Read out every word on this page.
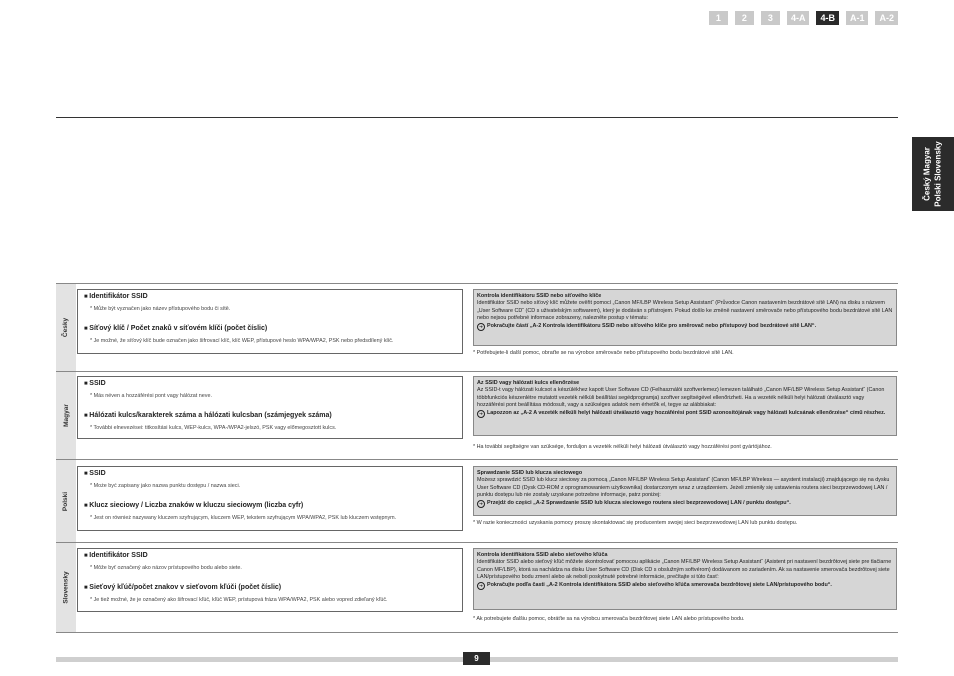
1	2	3	4-A	4-B	A-1	A-2
Český Magyar Polski Slovensky
Česky

■ Identifikátor SSID

* Může být vyznačen jako název přístupového bodu či sítě.

■ Síťový klíč / Počet znaků v síťovém klíči (počet číslic)

* Je možné, že síťový klíč bude označen jako šifrovací klíč, klíč WEP, přístupové heslo WPA/WPA2, PSK nebo předsdílený klíč.

Kontrola identifikátoru SSID nebo síťového klíče

Identifikátor SSID nebo síťový klíč můžete ověřit pomocí „Canon MF/LBP Wireless Setup Assistant“ (Průvodce Canon nastavením bezdrátové sítě LAN) na disku s názvem „User Software CD“ (CD s uživatelským softwarem), který je dodáván s přístrojem. Pokud došlo ke změně nastavení směrovače nebo přístupového bodu bezdrátové sítě LAN nebo nejsou potřebné informace zobrazeny, nalezněte postup v tématu:

➔ Pokračujte částí „A-2 Kontrola identifikátoru SSID nebo síťového klíče pro směrovač nebo přístupový bod bezdrátové sítě LAN“.

* Potřebujete-li další pomoc, obraťte se na výrobce směrovače nebo přístupového bodu bezdrátové sítě LAN.
Magyar

■ SSID

* Más néven a hozzáférési pont vagy hálózat neve.

■ Hálózati kulcs/karakterek száma a hálózati kulcsban (számjegyek száma)

* További elnevezései: titkosítási kulcs, WEP-kulcs, WPA-/WPA2-jelszó, PSK vagy előmegosztott kulcs.

Az SSID vagy hálózati kulcs ellenőrzése

Az SSID-t vagy hálózati kulcsot a készülékhez kapott User Software CD (Felhasználói szoftverlemez) lemezen található „Canon MF/LBP Wireless Setup Assistant“ (Canon többfunkciós készenlétre mutatott vezeték nélküli beállítási segédprogramja) szoftver segítségével ellenőrizheti. Ha a vezeték nélküli helyi hálózati útválasztó vagy hozzáférési pont beállítása módosult, vagy a szükséges adatok nem érhetők el, tegye az alábbiakat:

➔ Lapozzon az „A-2 A vezeték nélküli helyi hálózati útválasztó vagy hozzáférési pont SSID azonosítójának vagy hálózati kulcsának ellenőrzése“ című részhez.

* Ha további segítségre van szüksége, forduljon a vezeték nélküli helyi hálózati útválasztó vagy hozzáférési pont gyártójához.
Polski

■ SSID

* Może być zapisany jako nazwa punktu dostępu / nazwa sieci.

■ Klucz sieciowy / Liczba znaków w kluczu sieciowym (liczba cyfr)

* Jest on również nazywany kluczem szyfrującym, kluczem WEP, tekstem szyfrującym WPA/WPA2, PSK lub kluczem wstępnym.

Sprawdzanie SSID lub klucza sieciowego

Możesz sprawdzić SSID lub klucz sieciowy za pomocą „Canon MF/LBP Wireless Setup Assistant“ (Canon MF/LBP Wireless — asystent instalacji) znajdującego się na dysku User Software CD (Dysk CD-ROM z oprogramowaniem użytkownika) dostarczonym wraz z urządzeniem. Jeżeli zmieniły się ustawienia routera sieci bezprzewodowej LAN / punktu dostępu lub nie zostały uzyskane potrzebne informacje, patrz poniżej:

➔ Przejdź do części „A-2 Sprawdzanie SSID lub klucza sieciowego routera sieci bezprzewodowej LAN / punktu dostępu“.

* W razie konieczności uzyskania pomocy proszę skontaktować się producentem swojej sieci bezprzewodowej LAN lub punktu dostępu.
Slovensky

■ Identifikátor SSID

* Môže byť označený ako názov prístupového bodu alebo siete.

■ Sieťový kľúč/počet znakov v sieťovom kľúči (počet číslic)

* Je tiež možné, že je označený ako šifrovací kľúč, kľúč WEP, prístupová fráza WPA/WPA2, PSK alebo vopred zdieľaný kľúč.

Kontrola identifikátora SSID alebo sieťového kľúča

Identifikátor SSID alebo sieťový kľúč môžete skontrolovať pomocou aplikácie „Canon MF/LBP Wireless Setup Assistant“ (Asistent pri nastavení bezdrôtovej siete pre tlačiarne Canon MF/LBP), ktorá sa nachádza na disku User Software CD (Disk CD s obslužným softvérom) dodávanom so zariadením. Ak sa nastavenie smerovača bezdrôtovej siete LAN/prístupového bodu zmení alebo ak neboli poskytnuté potrebné informácie, prečítajte si túto časť:

➔ Pokračujte podľa časti „A-2 Kontrola identifikátora SSID alebo sieťového kľúča smerovača bezdrôtovej siete LAN/prístupového bodu“.

* Ak potrebujete ďalšiu pomoc, obráťte sa na výrobcu smerovača bezdrôtovej siete LAN alebo prístupového bodu.
9
